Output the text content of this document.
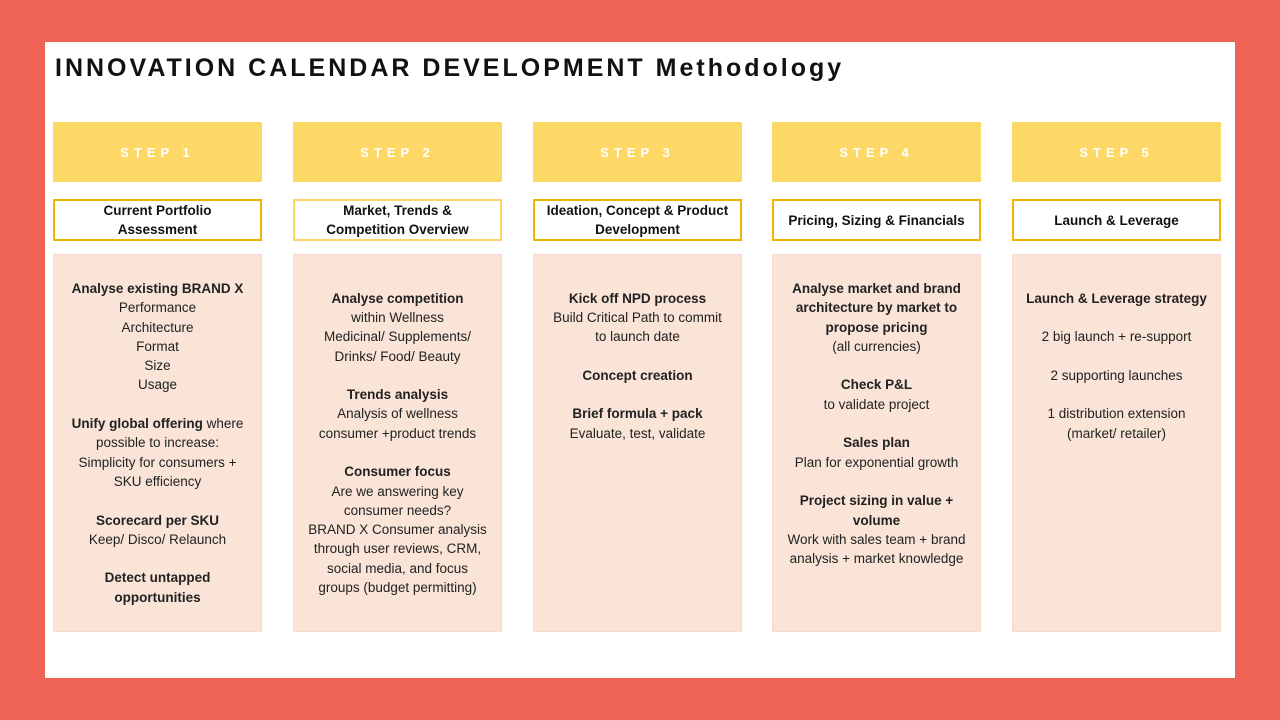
INNOVATION CALENDAR DEVELOPMENT Methodology
STEP 1
Current Portfolio
Assessment
Analyse existing BRAND X
Performance
Architecture
Format
Size
Usage
Unify global offering where
possible to increase:
Simplicity for consumers +
SKU efficiency
Scorecard per SKU
Keep/ Disco/ Relaunch
Detect untapped
opportunities
STEP 2
Market, Trends &
Competition Overview
Analyse competition
within Wellness
Medicinal/ Supplements/
Drinks/ Food/ Beauty
Trends analysis
Analysis of wellness
consumer +product trends
Consumer focus
Are we answering key
consumer needs?
BRAND X Consumer analysis
through user reviews, CRM,
social media, and focus
groups (budget permitting)
STEP 3
Ideation, Concept & Product
Development
Kick off NPD process
Build Critical Path to commit
to launch date
Concept creation
Brief formula + pack
Evaluate, test, validate
STEP 4
Pricing, Sizing & Financials
Analyse market and brand
architecture by market to
propose pricing
(all currencies)
Check P&L
to validate project
Sales plan
Plan for exponential growth
Project sizing in value +
volume
Work with sales team + brand
analysis + market knowledge
STEP 5
Launch & Leverage
Launch & Leverage strategy
2 big launch + re-support
2 supporting launches
1 distribution extension
(market/ retailer)
